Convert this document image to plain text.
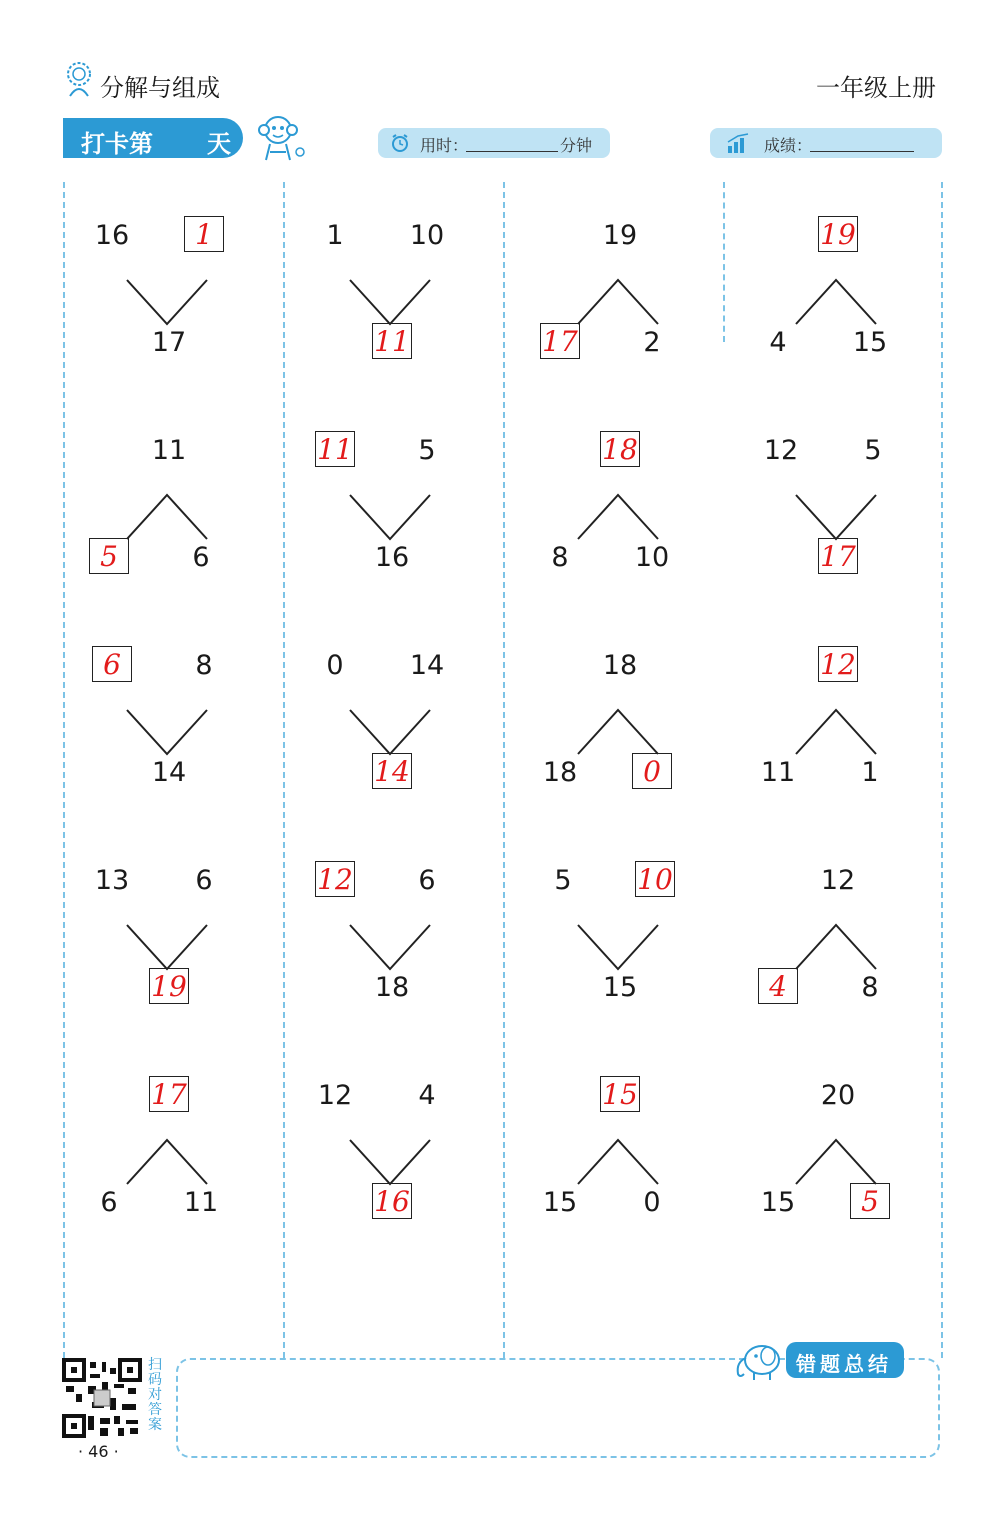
分解与组成	一年级上册
打卡第 天	用时：	分钟	成绩：
16	1
17
11
5	6
6	8
14
13	6
19
17
6	11
1	10
11
11	5
16
0	14
14
12	6
18
12	4
16
19
17	2
18
8	10
18
18	0
5	10
15
15
15	0
19
4	15
12	5
17
12
11	1
12
4	8
20
15	5
扫码对答案
· 46 ·
错题总结
